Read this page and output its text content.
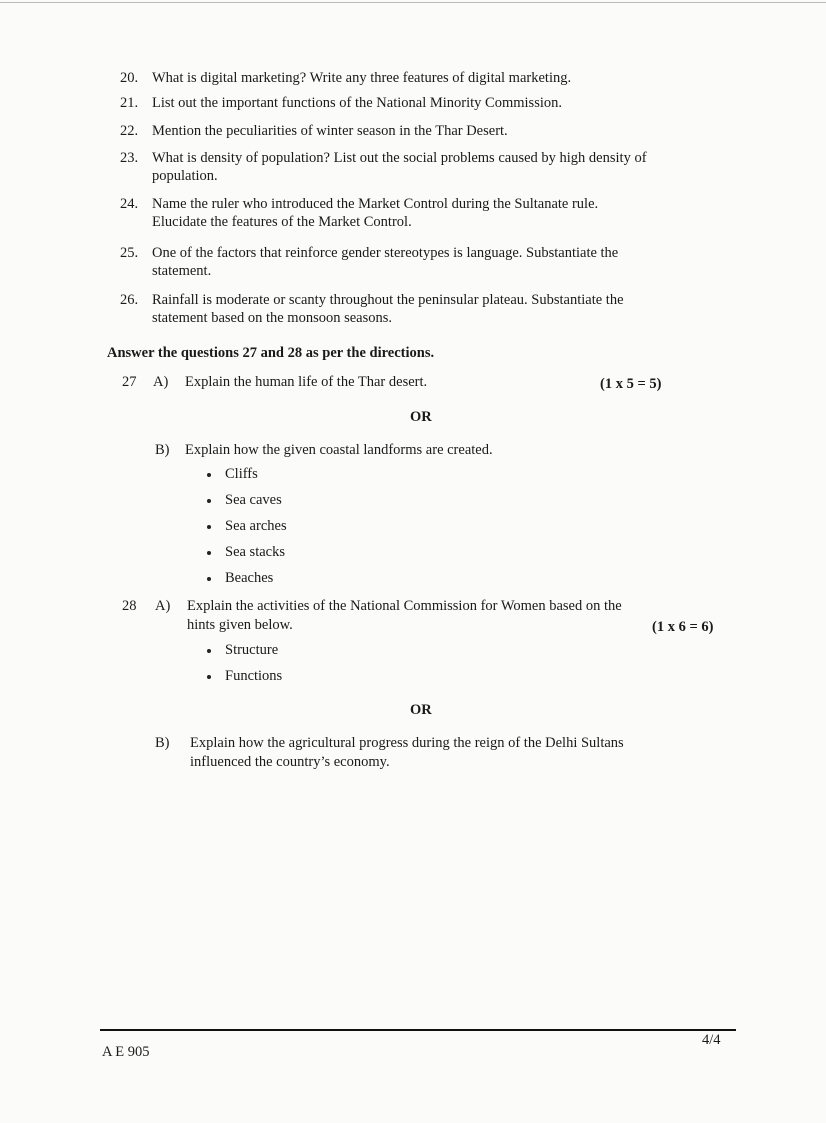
20. What is digital marketing? Write any three features of digital marketing.
21. List out the important functions of the National Minority Commission.
22. Mention the peculiarities of winter season in the Thar Desert.
23. What is density of population? List out the social problems caused by high density of
population.
24. Name the ruler who introduced the Market Control during the Sultanate rule.
Elucidate the features of the Market Control.
25. One of the factors that reinforce gender stereotypes is language. Substantiate the
statement.
26. Rainfall is moderate or scanty throughout the peninsular plateau. Substantiate the
statement based on the monsoon seasons.
Answer the questions 27 and 28 as per the directions.
27 A) Explain the human life of the Thar desert.	(1 x 5 = 5)
OR
B) Explain how the given coastal landforms are created.
Cliffs
Sea caves
Sea arches
Sea stacks
Beaches
28 A) Explain the activities of the National Commission for Women based on the
hints given below.	(1 x 6 = 6)
Structure
Functions
OR
B) Explain how the agricultural progress during the reign of the Delhi Sultans
influenced the country’s economy.
A E 905
4/4
